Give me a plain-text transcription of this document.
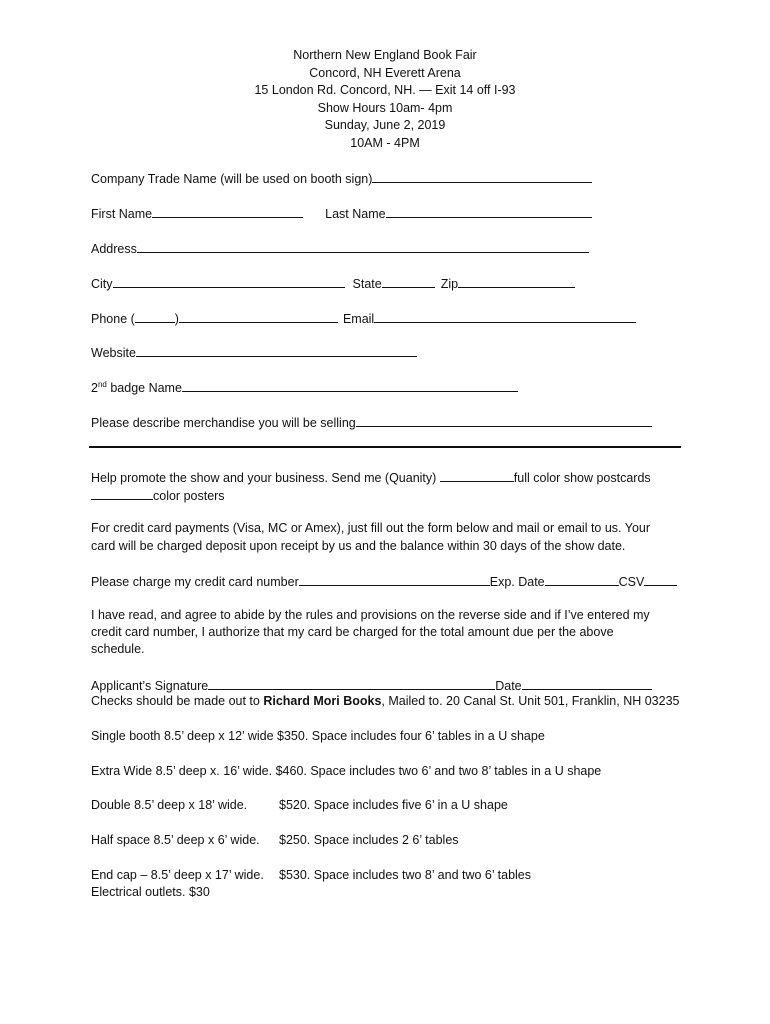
Northern New England Book Fair
Concord, NH Everett Arena
15 London Rd. Concord, NH. — Exit 14 off I-93
Show Hours 10am- 4pm
Sunday, June 2, 2019
10AM - 4PM
Company Trade Name (will be used on booth sign)
First Name	Last Name
Address
City	State	Zip
Phone (	)	Email
Website
2nd badge Name
Please describe merchandise you will be selling
Help promote the show and your business. Send me (Quanity)	full color show postcards
color posters
For credit card payments (Visa, MC or Amex), just fill out the form below and mail or email to us. Your
card will be charged deposit upon receipt by us and the balance within 30 days of the show date.
Please charge my credit card number	Exp. Date	CSV
I have read, and agree to abide by the rules and provisions on the reverse side and if I’ve entered my
credit card number, I authorize that my card be charged for the total amount due per the above
schedule.
Applicant’s Signature	Date
Checks should be made out to Richard Mori Books, Mailed to. 20 Canal St. Unit 501, Franklin, NH 03235
Single booth 8.5’ deep x 12’ wide $350. Space includes four 6’ tables in a U shape
Extra Wide 8.5’ deep x. 16’ wide. $460. Space includes two 6’ and two 8’ tables in a U shape
Double 8.5’ deep x 18’ wide.	$520. Space includes five 6’ in a U shape
Half space 8.5’ deep x 6’ wide. $250. Space includes 2 6’ tables
End cap – 8.5’ deep x 17’ wide. $530. Space includes two 8’ and two 6’ tables
Electrical outlets. $30
